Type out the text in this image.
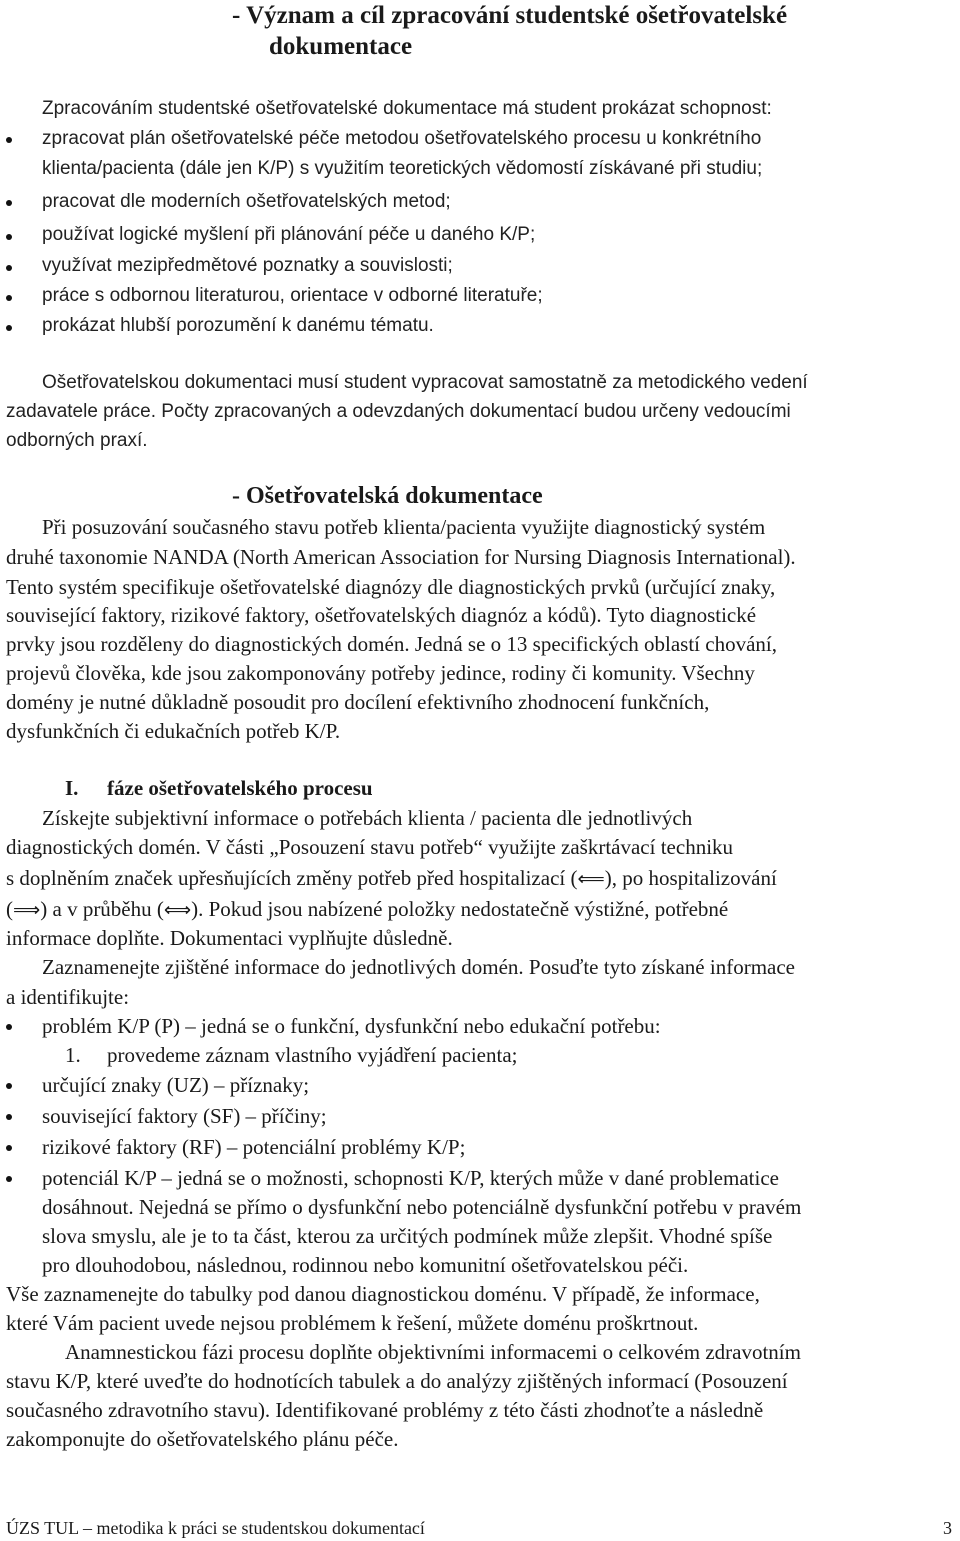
- Význam a cíl zpracování studentské ošetřovatelské
dokumentace
Zpracováním studentské ošetřovatelské dokumentace má student prokázat schopnost:
zpracovat plán ošetřovatelské péče metodou ošetřovatelského procesu u konkrétního
klienta/pacienta (dále jen K/P) s využitím teoretických vědomostí získávané při studiu;
pracovat dle moderních ošetřovatelských metod;
používat logické myšlení při plánování péče u daného K/P;
využívat mezipředmětové poznatky a souvislosti;
práce s odbornou literaturou, orientace v odborné literatuře;
prokázat hlubší porozumění k danému tématu.
Ošetřovatelskou dokumentaci musí student vypracovat samostatně za metodického vedení
zadavatele práce. Počty zpracovaných a odevzdaných dokumentací budou určeny vedoucími
odborných praxí.
- Ošetřovatelská dokumentace
Při posuzování současného stavu potřeb klienta/pacienta využijte diagnostický systém
druhé taxonomie NANDA (North American Association for Nursing Diagnosis International).
Tento systém specifikuje ošetřovatelské diagnózy dle diagnostických prvků (určující znaky,
související faktory, rizikové faktory, ošetřovatelských diagnóz a kódů). Tyto diagnostické
prvky jsou rozděleny do diagnostických domén. Jedná se o 13 specifických oblastí chování,
projevů člověka, kde jsou zakomponovány potřeby jedince, rodiny či komunity. Všechny
domény je nutné důkladně posoudit pro docílení efektivního zhodnocení funkčních,
dysfunkčních či edukačních potřeb K/P.
I. fáze ošetřovatelského procesu
Získejte subjektivní informace o potřebách klienta / pacienta dle jednotlivých
diagnostických domén. V části „Posouzení stavu potřeb“ využijte zaškrtávací techniku
s doplněním značek upřesňujících změny potřeb před hospitalizací (⟸), po hospitalizování
(⟹) a v průběhu (⟺). Pokud jsou nabízené položky nedostatečně výstižné, potřebné
informace doplňte. Dokumentaci vyplňujte důsledně.
Zaznamenejte zjištěné informace do jednotlivých domén. Posuďte tyto získané informace
a identifikujte:
problém K/P (P) – jedná se o funkční, dysfunkční nebo edukační potřebu:
1. provedeme záznam vlastního vyjádření pacienta;
určující znaky (UZ) – příznaky;
související faktory (SF) – příčiny;
rizikové faktory (RF) – potenciální problémy K/P;
potenciál K/P – jedná se o možnosti, schopnosti K/P, kterých může v dané problematice
dosáhnout. Nejedná se přímo o dysfunkční nebo potenciálně dysfunkční potřebu v pravém
slova smyslu, ale je to ta část, kterou za určitých podmínek může zlepšit. Vhodné spíše
pro dlouhodobou, následnou, rodinnou nebo komunitní ošetřovatelskou péči.
Vše zaznamenejte do tabulky pod danou diagnostickou doménu. V případě, že informace,
které Vám pacient uvede nejsou problémem k řešení, můžete doménu proškrtnout.
Anamnestickou fázi procesu doplňte objektivními informacemi o celkovém zdravotním
stavu K/P, které uveďte do hodnotících tabulek a do analýzy zjištěných informací (Posouzení
současného zdravotního stavu). Identifikované problémy z této části zhodnoťte a následně
zakomponujte do ošetřovatelského plánu péče.
ÚZS TUL – metodika k práci se studentskou dokumentací	3
